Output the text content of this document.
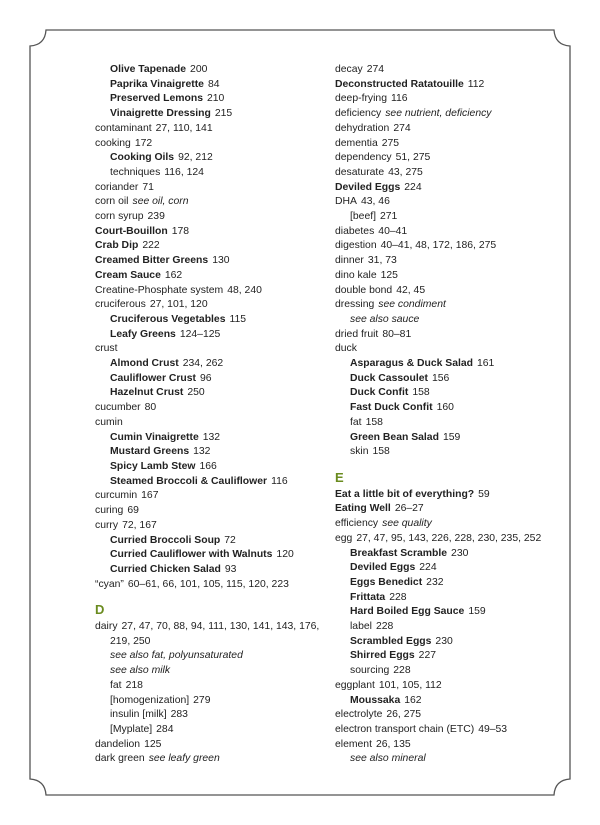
Olive Tapenade 200
Paprika Vinaigrette 84
Preserved Lemons 210
Vinaigrette Dressing 215
contaminant 27, 110, 141
cooking 172
Cooking Oils 92, 212
techniques 116, 124
coriander 71
corn oil see oil, corn
corn syrup 239
Court-Bouillon 178
Crab Dip 222
Creamed Bitter Greens 130
Cream Sauce 162
Creatine-Phosphate system 48, 240
cruciferous 27, 101, 120
Cruciferous Vegetables 115
Leafy Greens 124–125
crust
Almond Crust 234, 262
Cauliflower Crust 96
Hazelnut Crust 250
cucumber 80
cumin
Cumin Vinaigrette 132
Mustard Greens 132
Spicy Lamb Stew 166
Steamed Broccoli & Cauliflower 116
curcumin 167
curing 69
curry 72, 167
Curried Broccoli Soup 72
Curried Cauliflower with Walnuts 120
Curried Chicken Salad 93
“cyan” 60–61, 66, 101, 105, 115, 120, 223
D
dairy 27, 47, 70, 88, 94, 111, 130, 141, 143, 176,
219, 250
see also fat, polyunsaturated
see also milk
fat 218
[homogenization] 279
insulin [milk] 283
[Myplate] 284
dandelion 125
dark green see leafy green
decay 274
Deconstructed Ratatouille 112
deep-frying 116
deficiency see nutrient, deficiency
dehydration 274
dementia 275
dependency 51, 275
desaturate 43, 275
Deviled Eggs 224
DHA 43, 46
[beef] 271
diabetes 40–41
digestion 40–41, 48, 172, 186, 275
dinner 31, 73
dino kale 125
double bond 42, 45
dressing see condiment
see also sauce
dried fruit 80–81
duck
Asparagus & Duck Salad 161
Duck Cassoulet 156
Duck Confit 158
Fast Duck Confit 160
fat 158
Green Bean Salad 159
skin 158
E
Eat a little bit of everything? 59
Eating Well 26–27
efficiency see quality
egg 27, 47, 95, 143, 226, 228, 230, 235, 252
Breakfast Scramble 230
Deviled Eggs 224
Eggs Benedict 232
Frittata 228
Hard Boiled Egg Sauce 159
label 228
Scrambled Eggs 230
Shirred Eggs 227
sourcing 228
eggplant 101, 105, 112
Moussaka 162
electrolyte 26, 275
electron transport chain (ETC) 49–53
element 26, 135
see also mineral
